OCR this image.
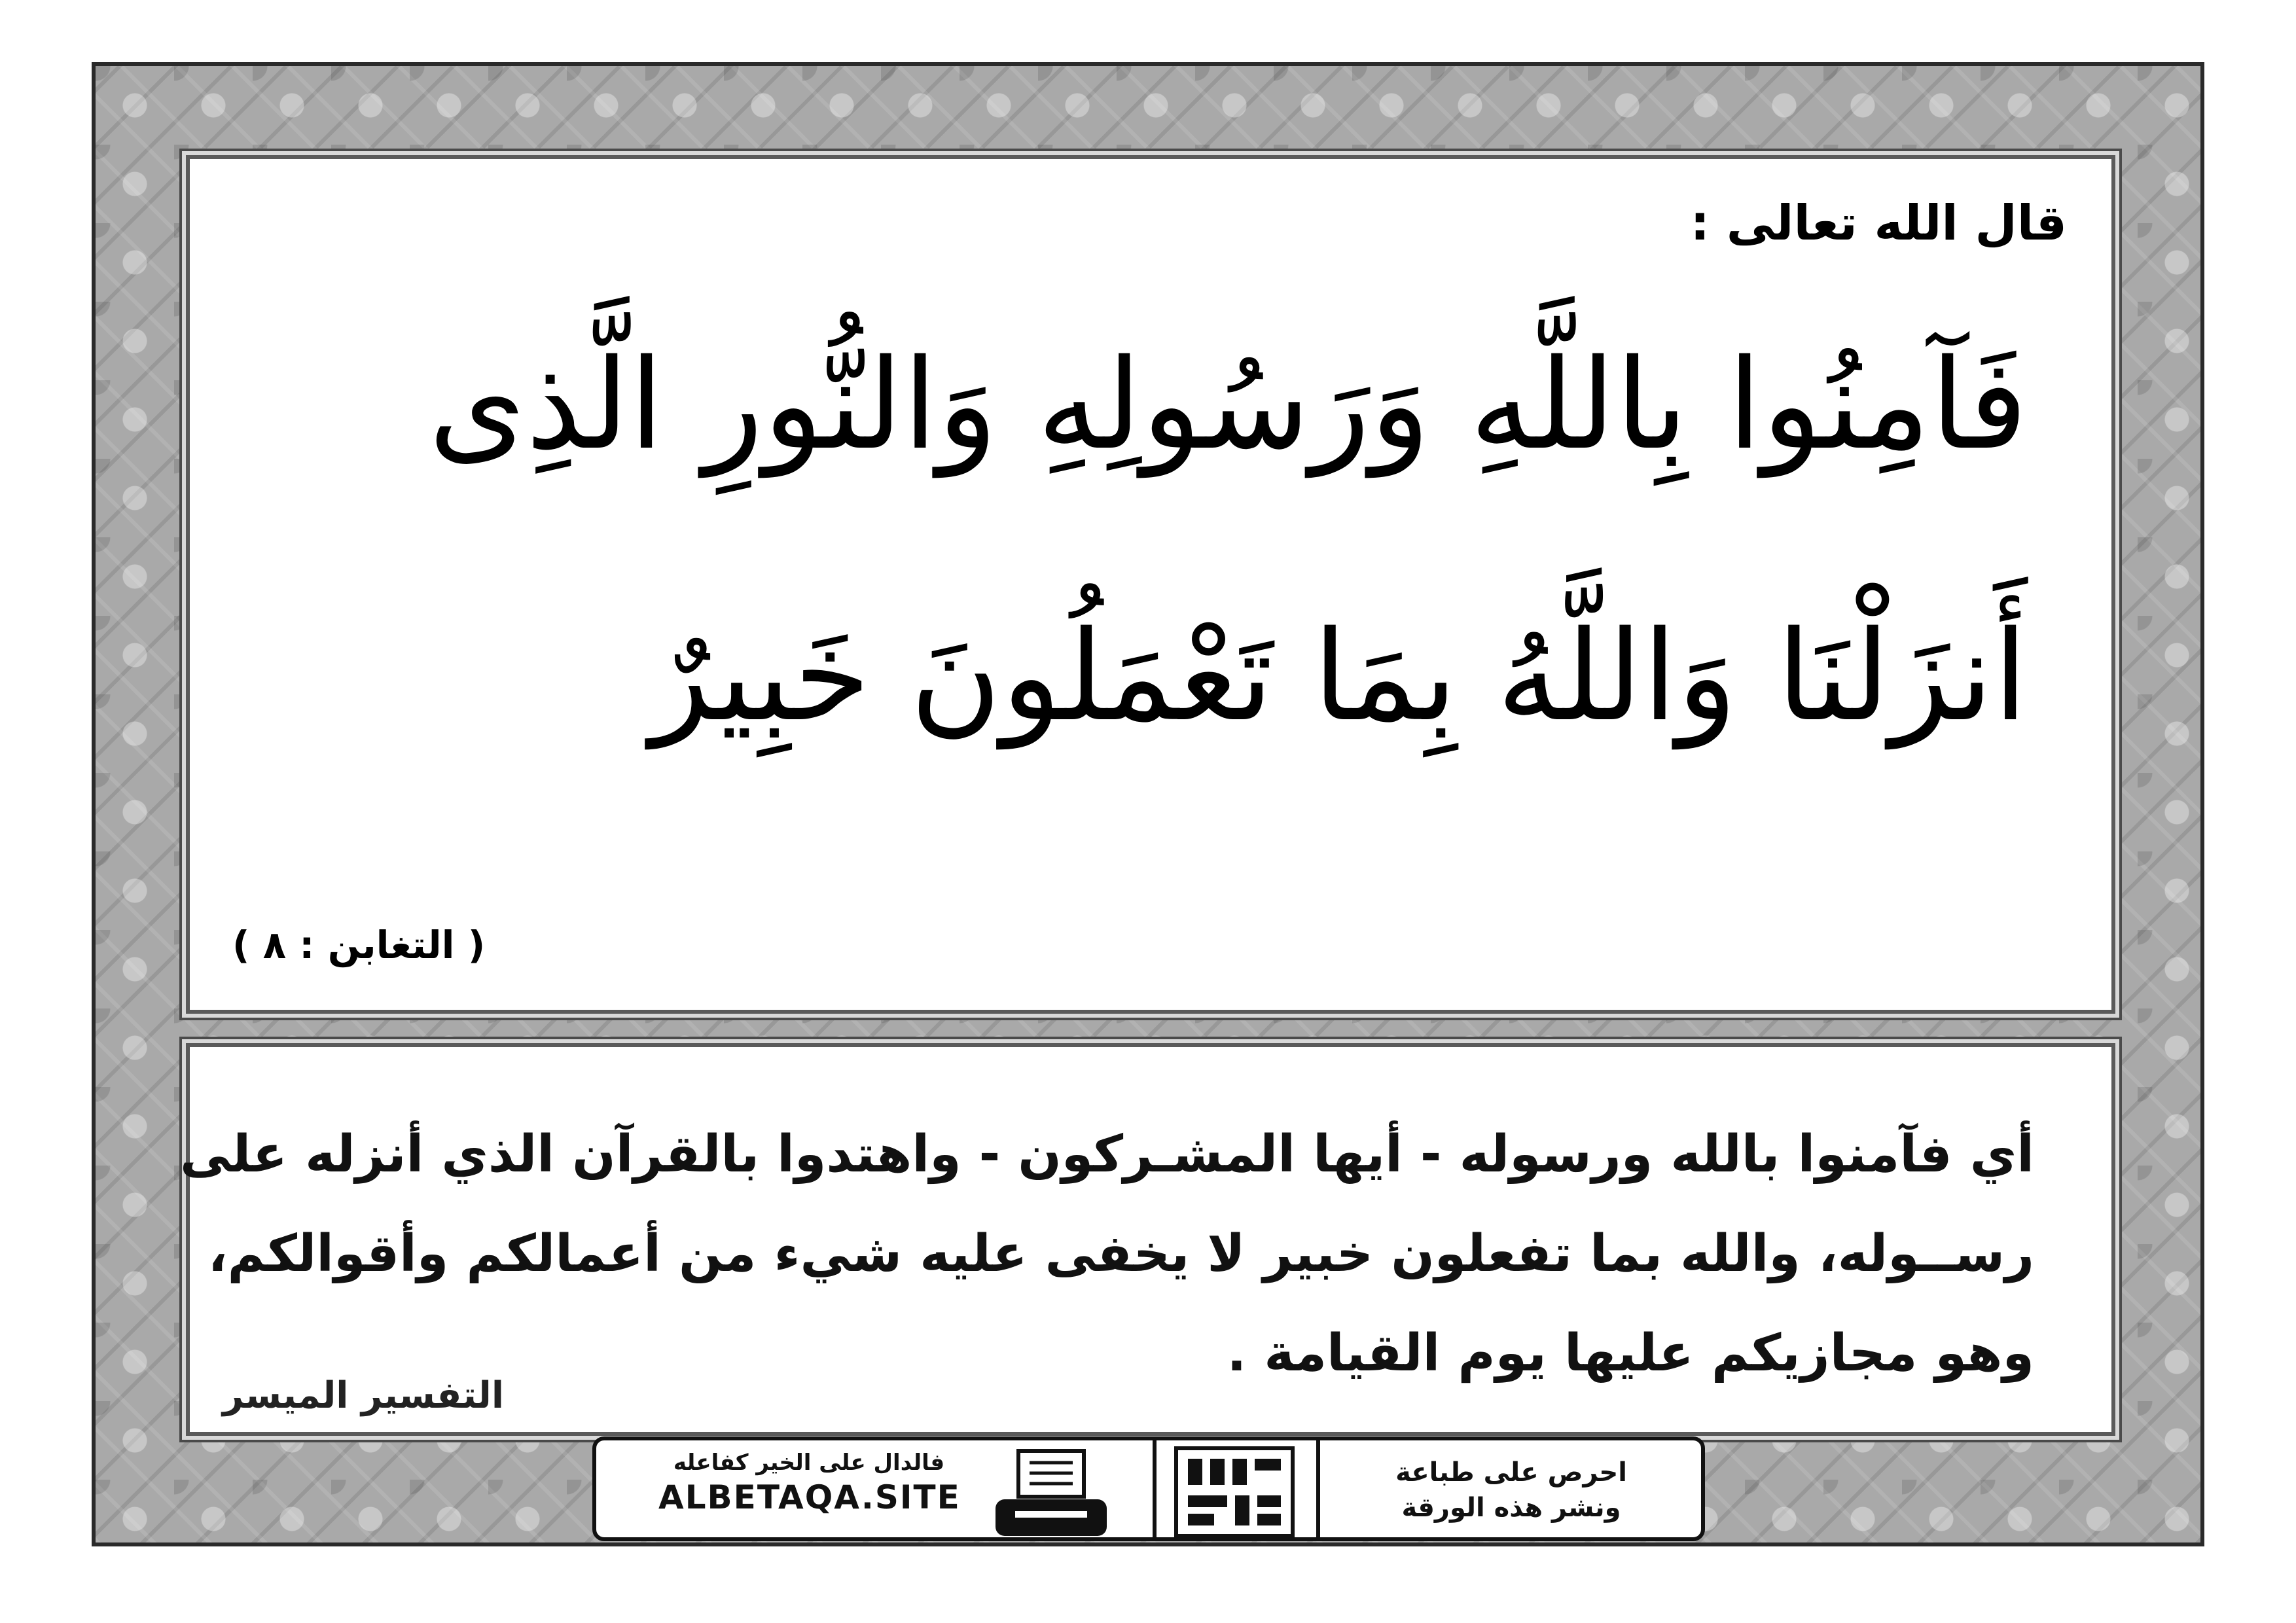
قال الله تعالى :
فَآمِنُوا بِاللَّهِ وَرَسُولِهِ وَالنُّورِ الَّذِى
أَنزَلْنَا وَاللَّهُ بِمَا تَعْمَلُونَ خَبِيرٌ
( التغابن : ٨ )
أي فآمنوا بالله ورسوله - أيها المشـركون - واهتدوا بالقرآن الذي أنزله على
رســوله، والله بما تفعلون خبير لا يخفى عليه شيء من أعمالكم وأقوالكم،
وهو مجازيكم عليها يوم القيامة .
التفسير الميسر
فالدال على الخير كفاعله
ALBETAQA.SITE
احرص على طباعة
ونشر هذه الورقة
